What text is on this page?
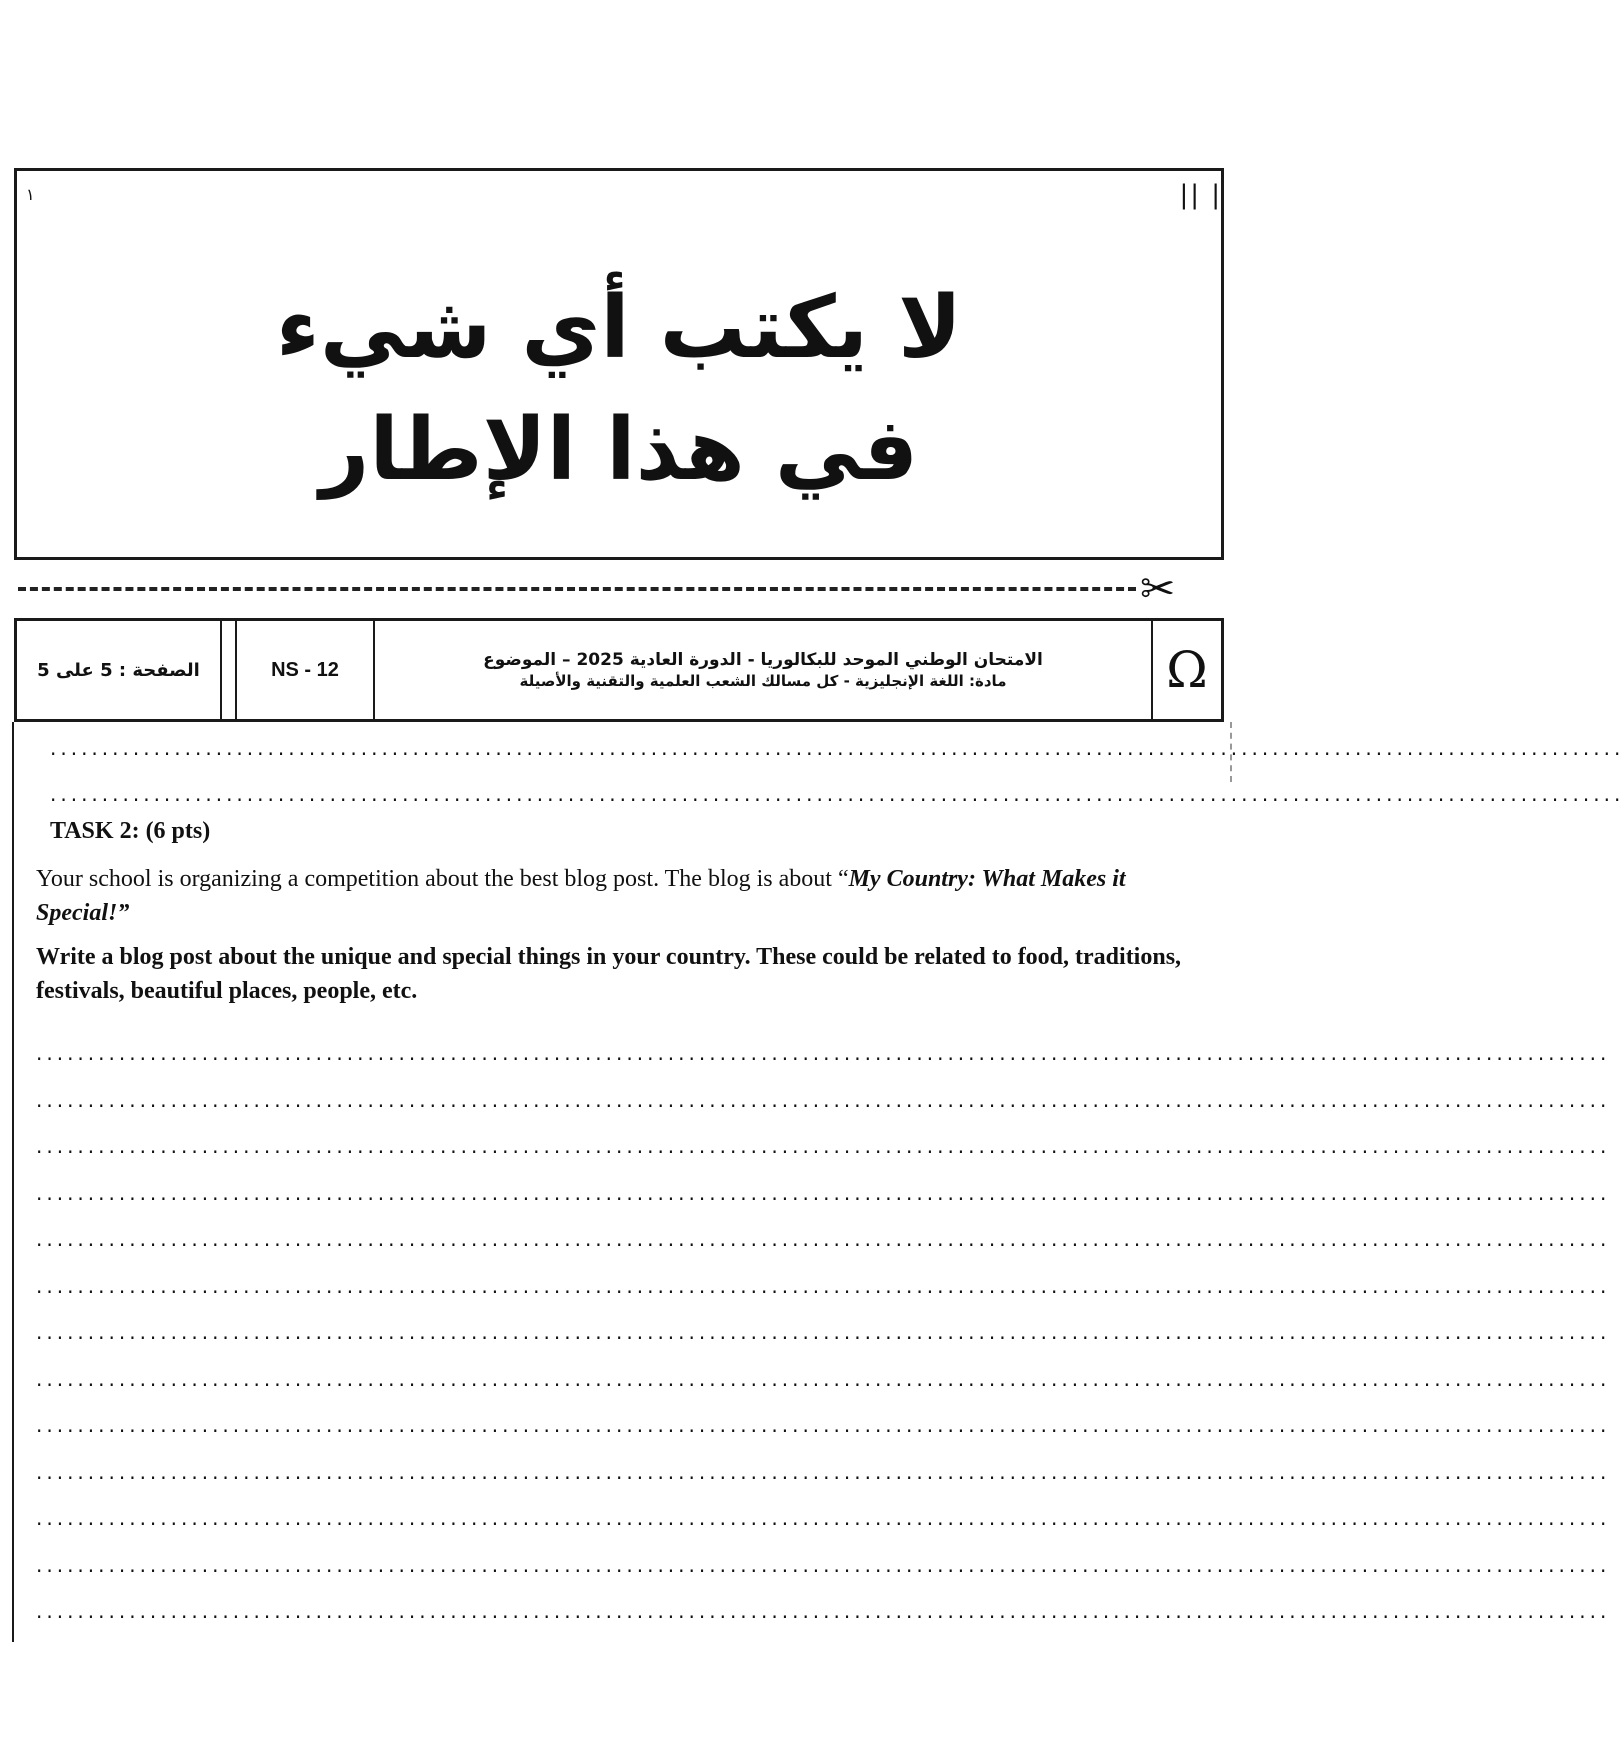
١	|| |
لا يكتب أي شيء
في هذا الإطار
✂
الصفحة : 5 على 5	NS - 12	الامتحان الوطني الموحد للبكالوريا - الدورة العادية 2025 – الموضوع
مادة: اللغة الإنجليزية - كل مسالك الشعب العلمية والتقنية والأصيلة	Ω
........................................................................................................................................................
........................................................................................................................................................
TASK 2: (6 pts)
Your school is organizing a competition about the best blog post. The blog is about “My Country: What Makes it Special!”
Write a blog post about the unique and special things in your country. These could be related to food, traditions, festivals, beautiful places, people, etc.
........................................................................................................................................................
........................................................................................................................................................
........................................................................................................................................................
........................................................................................................................................................
........................................................................................................................................................
........................................................................................................................................................
........................................................................................................................................................
........................................................................................................................................................
........................................................................................................................................................
........................................................................................................................................................
........................................................................................................................................................
........................................................................................................................................................
........................................................................................................................................................
